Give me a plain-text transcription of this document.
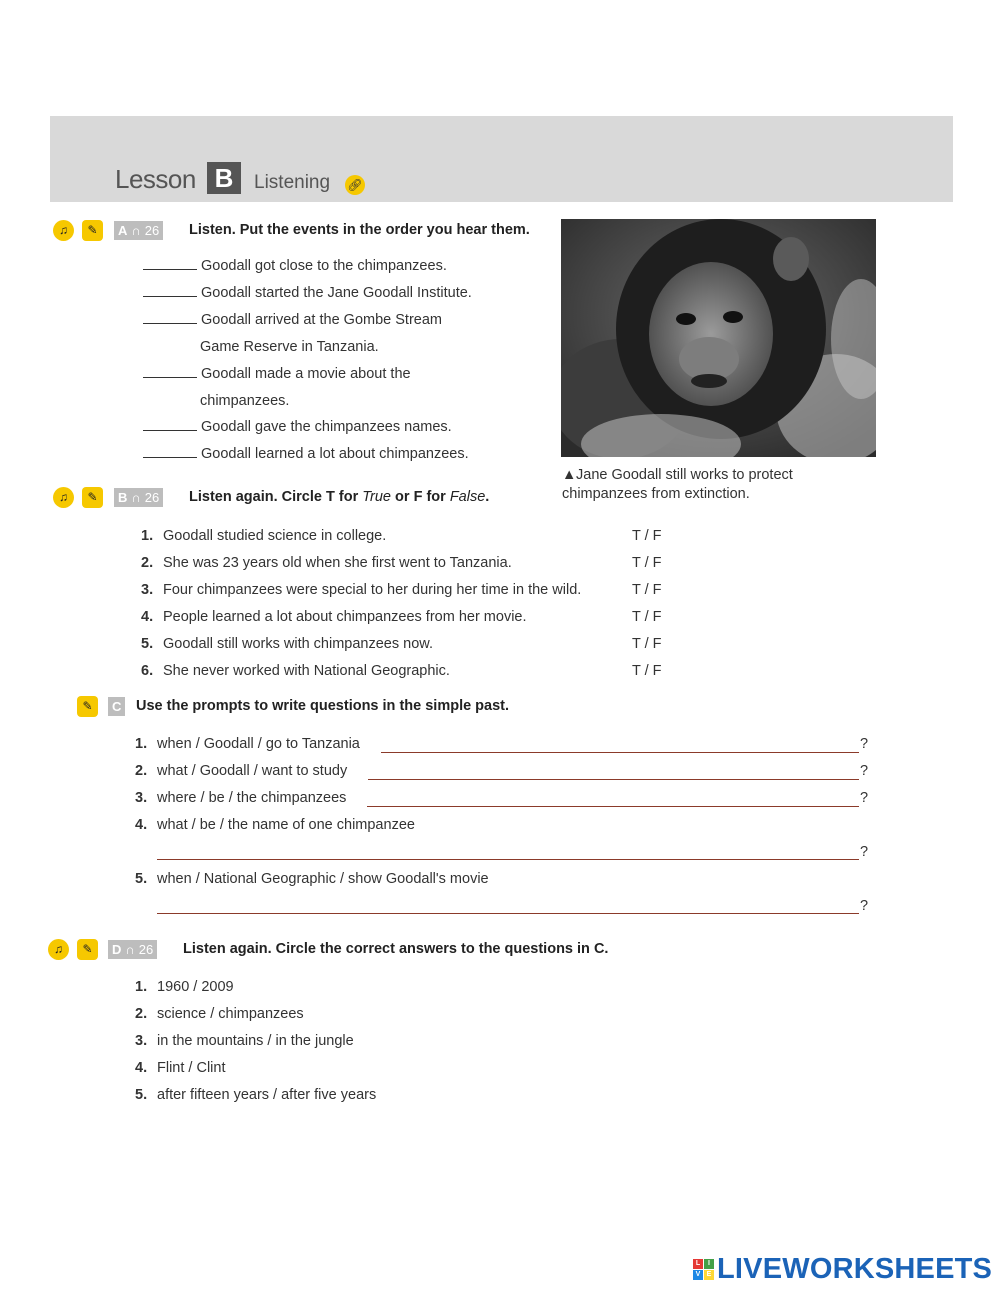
Lesson B	Listening 🔗︎
♫	✎	A ∩ 26 Listen. Put the events in the order you hear them.
Goodall got close to the chimpanzees.
Goodall started the Jane Goodall Institute.
Goodall arrived at the Gombe Stream
Game Reserve in Tanzania.
Goodall made a movie about the
chimpanzees.
Goodall gave the chimpanzees names.
Goodall learned a lot about chimpanzees.
▲Jane Goodall still works to protect chimpanzees from extinction.
♫	✎	B ∩ 26 Listen again. Circle T for True or F for False.
1. Goodall studied science in college.	T / F
2. She was 23 years old when she first went to Tanzania.	T / F
3. Four chimpanzees were special to her during her time in the wild.	T / F
4. People learned a lot about chimpanzees from her movie.	T / F
5. Goodall still works with chimpanzees now.	T / F
6. She never worked with National Geographic.	T / F
✎	C Use the prompts to write questions in the simple past.
1. when / Goodall / go to Tanzania	?
2. what / Goodall / want to study	?
3. where / be / the chimpanzees	?
4. what / be / the name of one chimpanzee
?
5. when / National Geographic / show Goodall's movie
?
♫	✎	D ∩ 26 Listen again. Circle the correct answers to the questions in C.
1. 1960 / 2009
2. science / chimpanzees
3. in the mountains / in the jungle
4. Flint / Clint
5. after fifteen years / after five years
L	I
V E LIVEWORKSHEETS
